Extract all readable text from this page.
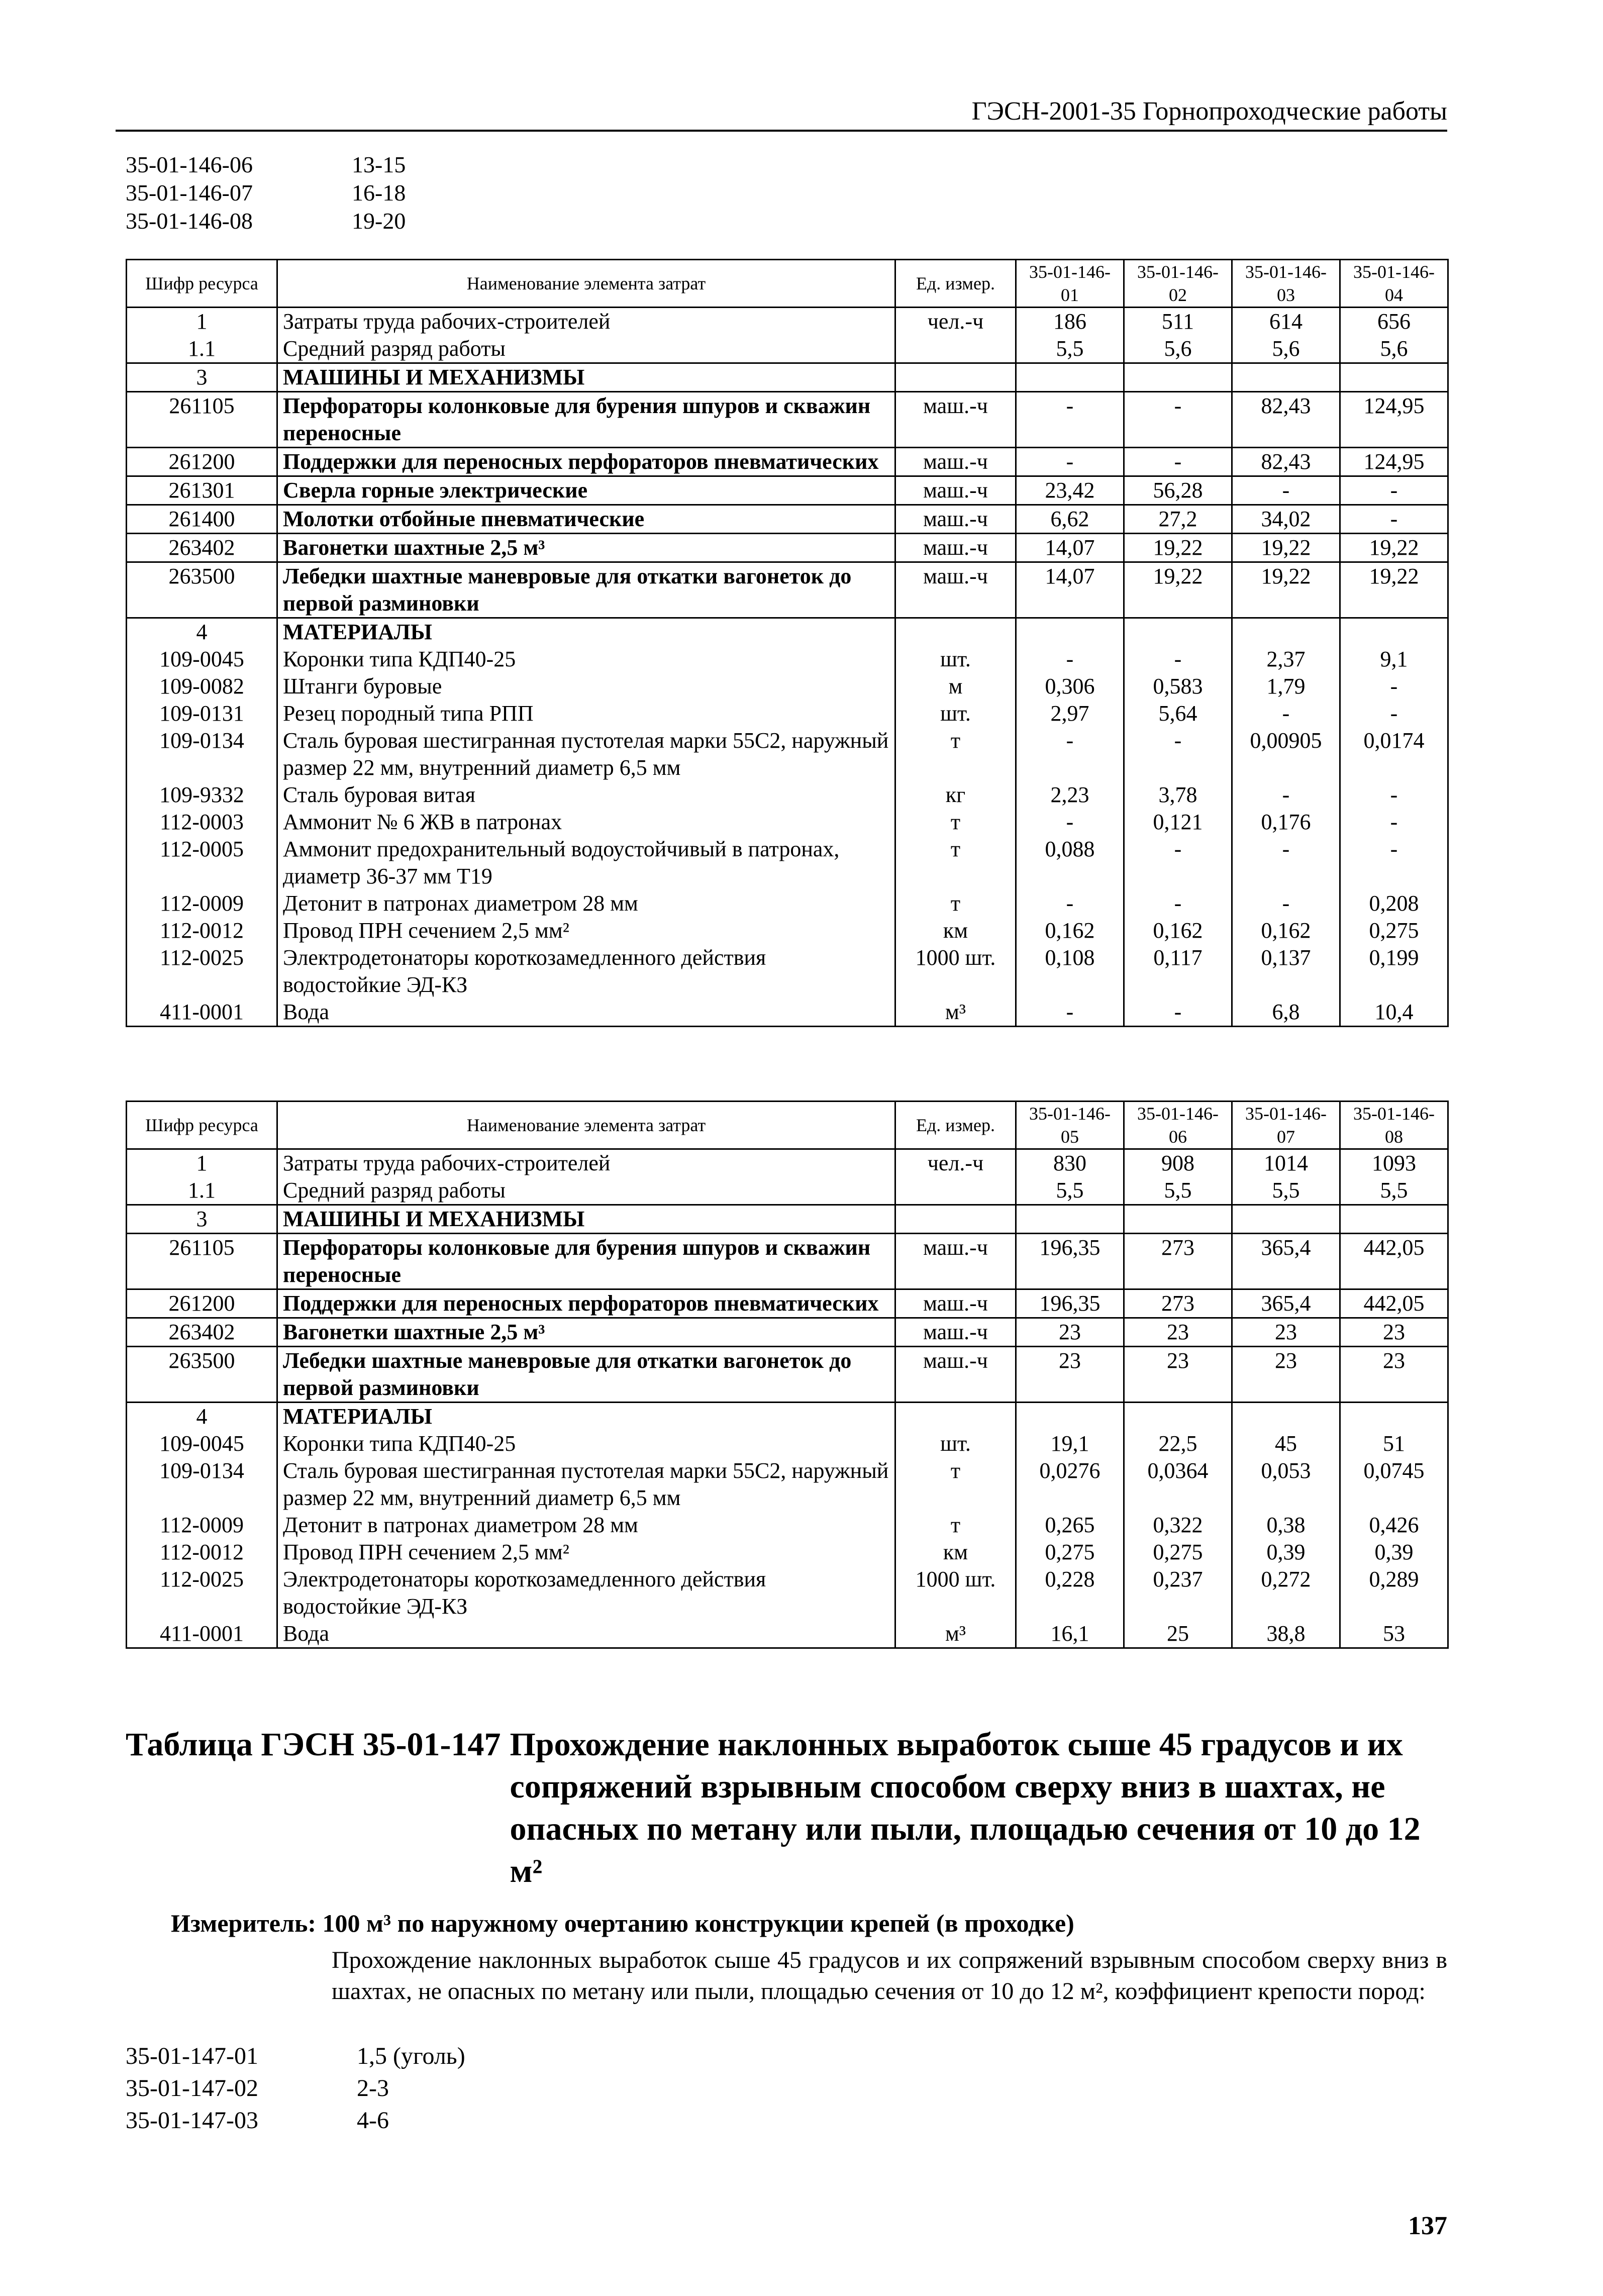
ГЭСН-2001-35 Горнопроходческие работы
35-01-146-06	13-15
35-01-146-07	16-18
35-01-146-08	19-20
Шифр ресурса	Наименование элемента затрат	Ед. измер.	35-01-146-01	35-01-146-02	35-01-146-03	35-01-146-04
1	Затраты труда рабочих-строителей	чел.-ч	186	511	614	656
1.1	Средний разряд работы		5,5	5,6	5,6	5,6
3	МАШИНЫ И МЕХАНИЗМЫ					
261105	Перфораторы колонковые для бурения шпуров и скважин переносные	маш.-ч	-	-	82,43	124,95
261200	Поддержки для переносных перфораторов пневматических	маш.-ч	-	-	82,43	124,95
261301	Сверла горные электрические	маш.-ч	23,42	56,28	-	-
261400	Молотки отбойные пневматические	маш.-ч	6,62	27,2	34,02	-
263402	Вагонетки шахтные 2,5 м³	маш.-ч	14,07	19,22	19,22	19,22
263500	Лебедки шахтные маневровые для откатки вагонеток до первой разминовки	маш.-ч	14,07	19,22	19,22	19,22
4	МАТЕРИАЛЫ					
109-0045	Коронки типа КДП40-25	шт.	-	-	2,37	9,1
109-0082	Штанги буровые	м	0,306	0,583	1,79	-
109-0131	Резец породный типа РПП	шт.	2,97	5,64	-	-
109-0134	Сталь буровая шестигранная пустотелая марки 55С2, наружный размер 22 мм, внутренний диаметр 6,5 мм	т	-	-	0,00905	0,0174
109-9332	Сталь буровая витая	кг	2,23	3,78	-	-
112-0003	Аммонит № 6 ЖВ в патронах	т	-	0,121	0,176	-
112-0005	Аммонит предохранительный водоустойчивый в патронах, диаметр 36-37 мм Т19	т	0,088	-	-	-
112-0009	Детонит в патронах диаметром 28 мм	т	-	-	-	0,208
112-0012	Провод ПРН сечением 2,5 мм²	км	0,162	0,162	0,162	0,275
112-0025	Электродетонаторы короткозамедленного действия водостойкие ЭД-КЗ	1000 шт.	0,108	0,117	0,137	0,199
411-0001	Вода	м³	-	-	6,8	10,4
Шифр ресурса	Наименование элемента затрат	Ед. измер.	35-01-146-05	35-01-146-06	35-01-146-07	35-01-146-08
1	Затраты труда рабочих-строителей	чел.-ч	830	908	1014	1093
1.1	Средний разряд работы		5,5	5,5	5,5	5,5
3	МАШИНЫ И МЕХАНИЗМЫ					
261105	Перфораторы колонковые для бурения шпуров и скважин переносные	маш.-ч	196,35	273	365,4	442,05
261200	Поддержки для переносных перфораторов пневматических	маш.-ч	196,35	273	365,4	442,05
263402	Вагонетки шахтные 2,5 м³	маш.-ч	23	23	23	23
263500	Лебедки шахтные маневровые для откатки вагонеток до первой разминовки	маш.-ч	23	23	23	23
4	МАТЕРИАЛЫ					
109-0045	Коронки типа КДП40-25	шт.	19,1	22,5	45	51
109-0134	Сталь буровая шестигранная пустотелая марки 55С2, наружный размер 22 мм, внутренний диаметр 6,5 мм	т	0,0276	0,0364	0,053	0,0745
112-0009	Детонит в патронах диаметром 28 мм	т	0,265	0,322	0,38	0,426
112-0012	Провод ПРН сечением 2,5 мм²	км	0,275	0,275	0,39	0,39
112-0025	Электродетонаторы короткозамедленного действия водостойкие ЭД-КЗ	1000 шт.	0,228	0,237	0,272	0,289
411-0001	Вода	м³	16,1	25	38,8	53
Таблица ГЭСН 35-01-147 Прохождение наклонных выработок сыше 45 градусов и их сопряжений взрывным способом сверху вниз в шахтах, не опасных по метану или пыли, площадью сечения от 10 до 12 м²
Измеритель: 100 м³ по наружному очертанию конструкции крепей (в проходке)
Прохождение наклонных выработок сыше 45 градусов и их сопряжений взрывным способом сверху вниз в шахтах, не опасных по метану или пыли, площадью сечения от 10 до 12 м², коэффициент крепости пород:
35-01-147-01	1,5 (уголь)
35-01-147-02	2-3
35-01-147-03	4-6
137
